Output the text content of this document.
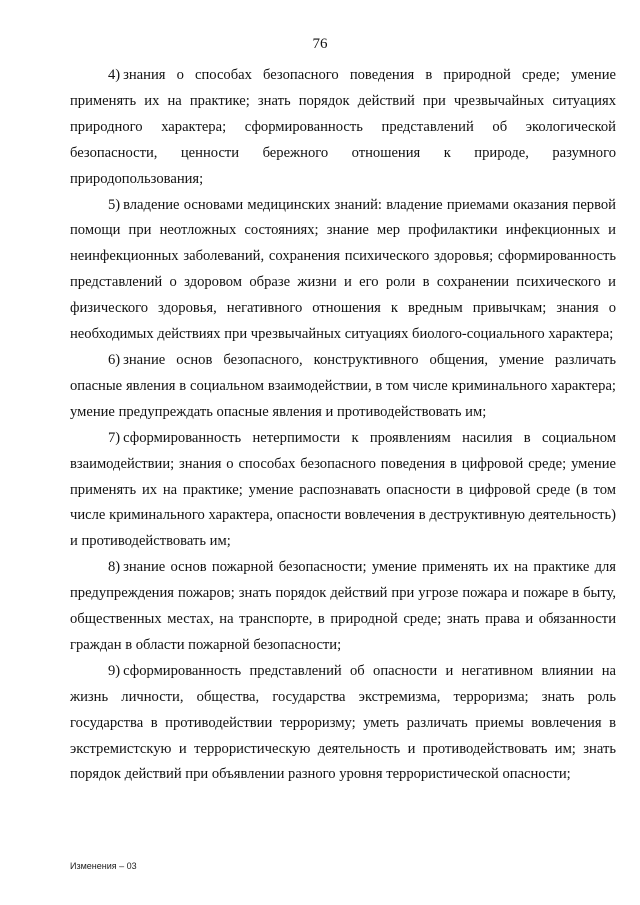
76

4) знания о способах безопасного поведения в природной среде; умение применять их на практике; знать порядок действий при чрезвычайных ситуациях природного характера; сформированность представлений об экологической безопасности, ценности бережного отношения к природе, разумного природопользования;

5) владение основами медицинских знаний: владение приемами оказания первой помощи при неотложных состояниях; знание мер профилактики инфекционных и неинфекционных заболеваний, сохранения психического здоровья; сформированность представлений о здоровом образе жизни и его роли в сохранении психического и физического здоровья, негативного отношения к вредным привычкам; знания о необходимых действиях при чрезвычайных ситуациях биолого-социального характера;

6) знание основ безопасного, конструктивного общения, умение различать опасные явления в социальном взаимодействии, в том числе криминального характера; умение предупреждать опасные явления и противодействовать им;

7) сформированность нетерпимости к проявлениям насилия в социальном взаимодействии; знания о способах безопасного поведения в цифровой среде; умение применять их на практике; умение распознавать опасности в цифровой среде (в том числе криминального характера, опасности вовлечения в деструктивную деятельность) и противодействовать им;

8) знание основ пожарной безопасности; умение применять их на практике для предупреждения пожаров; знать порядок действий при угрозе пожара и пожаре в быту, общественных местах, на транспорте, в природной среде; знать права и обязанности граждан в области пожарной безопасности;

9) сформированность представлений об опасности и негативном влиянии на жизнь личности, общества, государства экстремизма, терроризма; знать роль государства в противодействии терроризму; уметь различать приемы вовлечения в экстремистскую и террористическую деятельность и противодействовать им; знать порядок действий при объявлении разного уровня террористической опасности;

Изменения – 03
